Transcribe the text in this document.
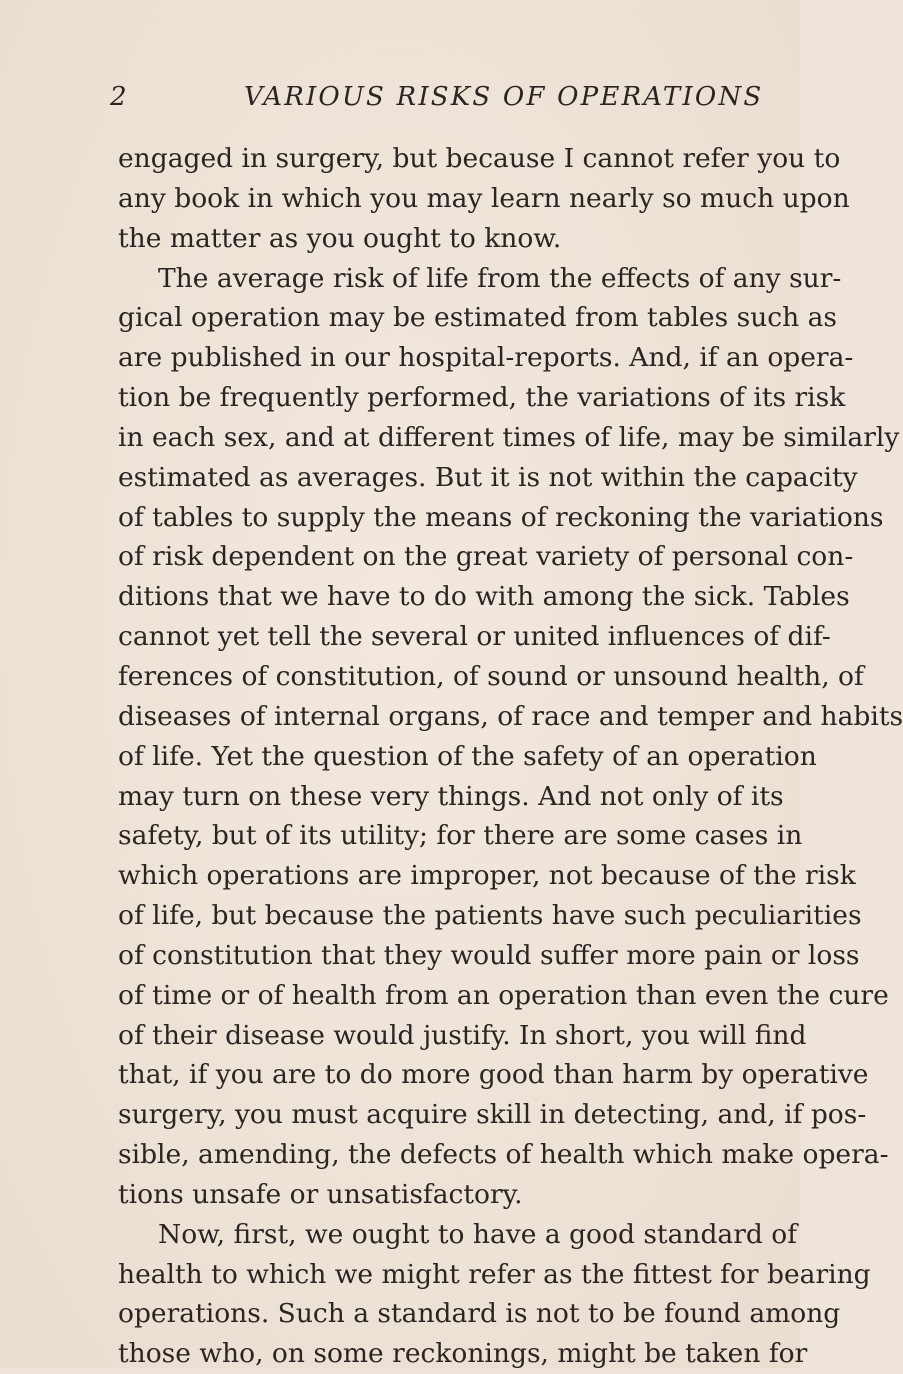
2	VARIOUS RISKS OF OPERATIONS
engaged in surgery, but because I cannot refer you to
any book in which you may learn nearly so much upon
the matter as you ought to know.
The average risk of life from the effects of any sur-
gical operation may be estimated from tables such as
are published in our hospital-reports. And, if an opera-
tion be frequently performed, the variations of its risk
in each sex, and at different times of life, may be similarly
estimated as averages. But it is not within the capacity
of tables to supply the means of reckoning the variations
of risk dependent on the great variety of personal con-
ditions that we have to do with among the sick. Tables
cannot yet tell the several or united influences of dif-
ferences of constitution, of sound or unsound health, of
diseases of internal organs, of race and temper and habits
of life. Yet the question of the safety of an operation
may turn on these very things. And not only of its
safety, but of its utility; for there are some cases in
which operations are improper, not because of the risk
of life, but because the patients have such peculiarities
of constitution that they would suffer more pain or loss
of time or of health from an operation than even the cure
of their disease would justify. In short, you will find
that, if you are to do more good than harm by operative
surgery, you must acquire skill in detecting, and, if pos-
sible, amending, the defects of health which make opera-
tions unsafe or unsatisfactory.
Now, first, we ought to have a good standard of
health to which we might refer as the fittest for bearing
operations. Such a standard is not to be found among
those who, on some reckonings, might be taken for
